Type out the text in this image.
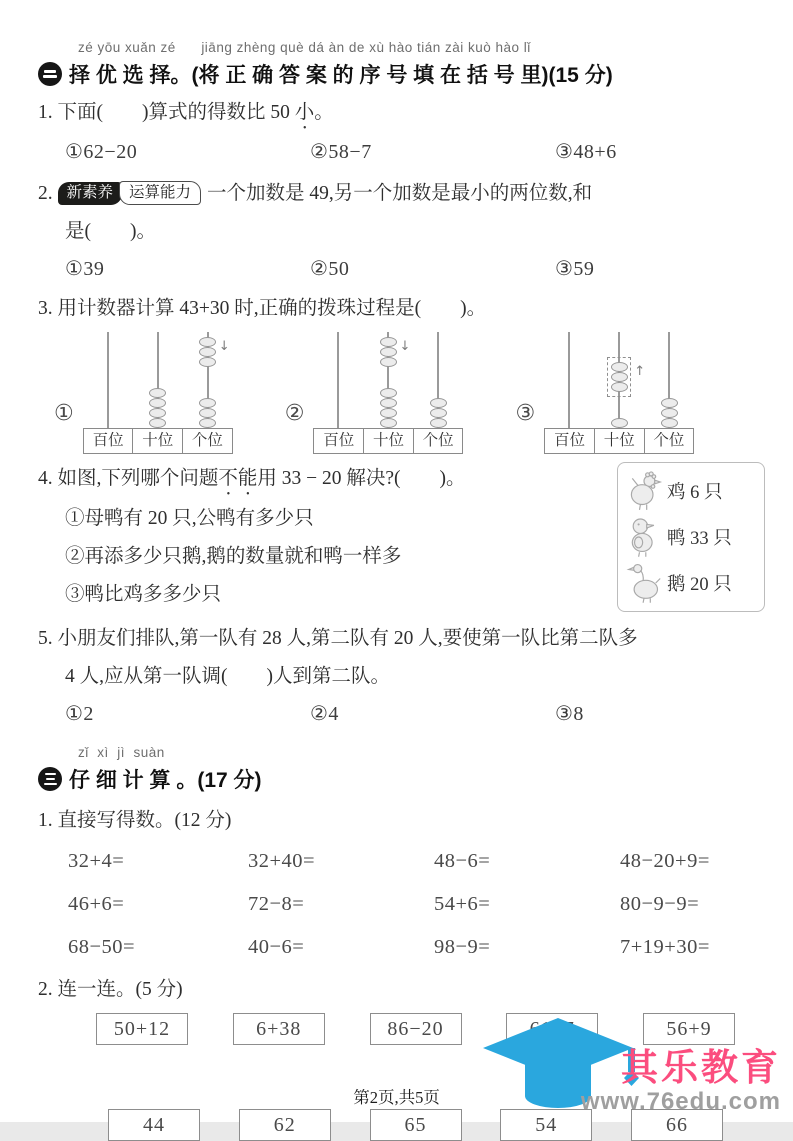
zé yōu xuǎn zé      jiāng zhèng què dá àn de xù hào tián zài kuò hào lǐ
择 优 选 择。(将 正 确 答 案 的 序 号 填 在 括 号 里)(15 分)
1. 下面(　　)算式的得数比 50 小。
①62−20	②58−7	③48+6
2. 新素养 运算能力 一个加数是 49,另一个加数是最小的两位数,和
是(　　)。
①39	②50	③59
3. 用计数器计算 43+30 时,正确的拨珠过程是(　　)。
①
↓
百位	十位	个位
②
↓
百位	十位	个位
③
↑
百位	十位	个位
4. 如图,下列哪个问题不能用 33 − 20 解决?(　　)。
①母鸭有 20 只,公鸭有多少只
②再添多少只鹅,鹅的数量就和鸭一样多
③鸭比鸡多多少只
鸡 6 只
鸭 33 只
鹅 20 只
5. 小朋友们排队,第一队有 28 人,第二队有 20 人,要使第一队比第二队多
4 人,应从第一队调(　　)人到第二队。
①2	②4	③8
zǐ  xì  jì  suàn
仔 细 计 算 。(17 分)
1. 直接写得数。(12 分)
32+4=	32+40=	48−6=	48−20+9=
46+6=	72−8=	54+6=	80−9−9=
68−50=	40−6=	98−9=	7+19+30=
2. 连一连。(5 分)
50+12	6+38	86−20	56+9
44	62	65	54	66
第2页,共5页
其乐教育
www.76edu.com
